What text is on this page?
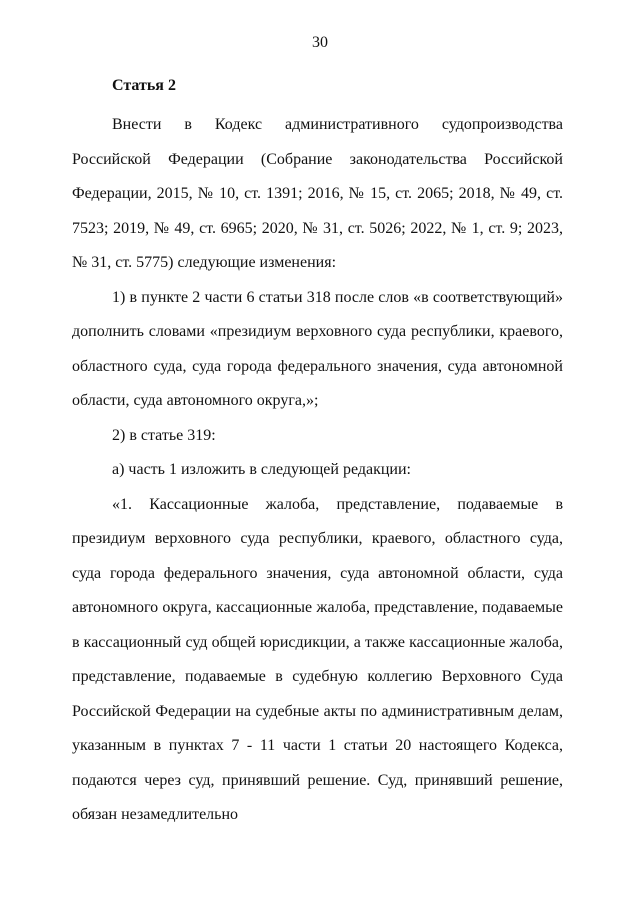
30
Статья 2

Внести в Кодекс административного судопроизводства Российской Федерации (Собрание законодательства Российской Федерации, 2015, № 10, ст. 1391; 2016, № 15, ст. 2065; 2018, № 49, ст. 7523; 2019, № 49, ст. 6965; 2020, № 31, ст. 5026; 2022, № 1, ст. 9; 2023, № 31, ст. 5775) следующие изменения:

1) в пункте 2 части 6 статьи 318 после слов «в соответствующий» дополнить словами «президиум верховного суда республики, краевого, областного суда, суда города федерального значения, суда автономной области, суда автономного округа,»;

2) в статье 319:

а) часть 1 изложить в следующей редакции:

«1. Кассационные жалоба, представление, подаваемые в президиум верховного суда республики, краевого, областного суда, суда города федерального значения, суда автономной области, суда автономного округа, кассационные жалоба, представление, подаваемые в кассационный суд общей юрисдикции, а также кассационные жалоба, представление, подаваемые в судебную коллегию Верховного Суда Российской Федерации на судебные акты по административным делам, указанным в пунктах 7 - 11 части 1 статьи 20 настоящего Кодекса, подаются через суд, принявший решение. Суд, принявший решение, обязан незамедлительно
